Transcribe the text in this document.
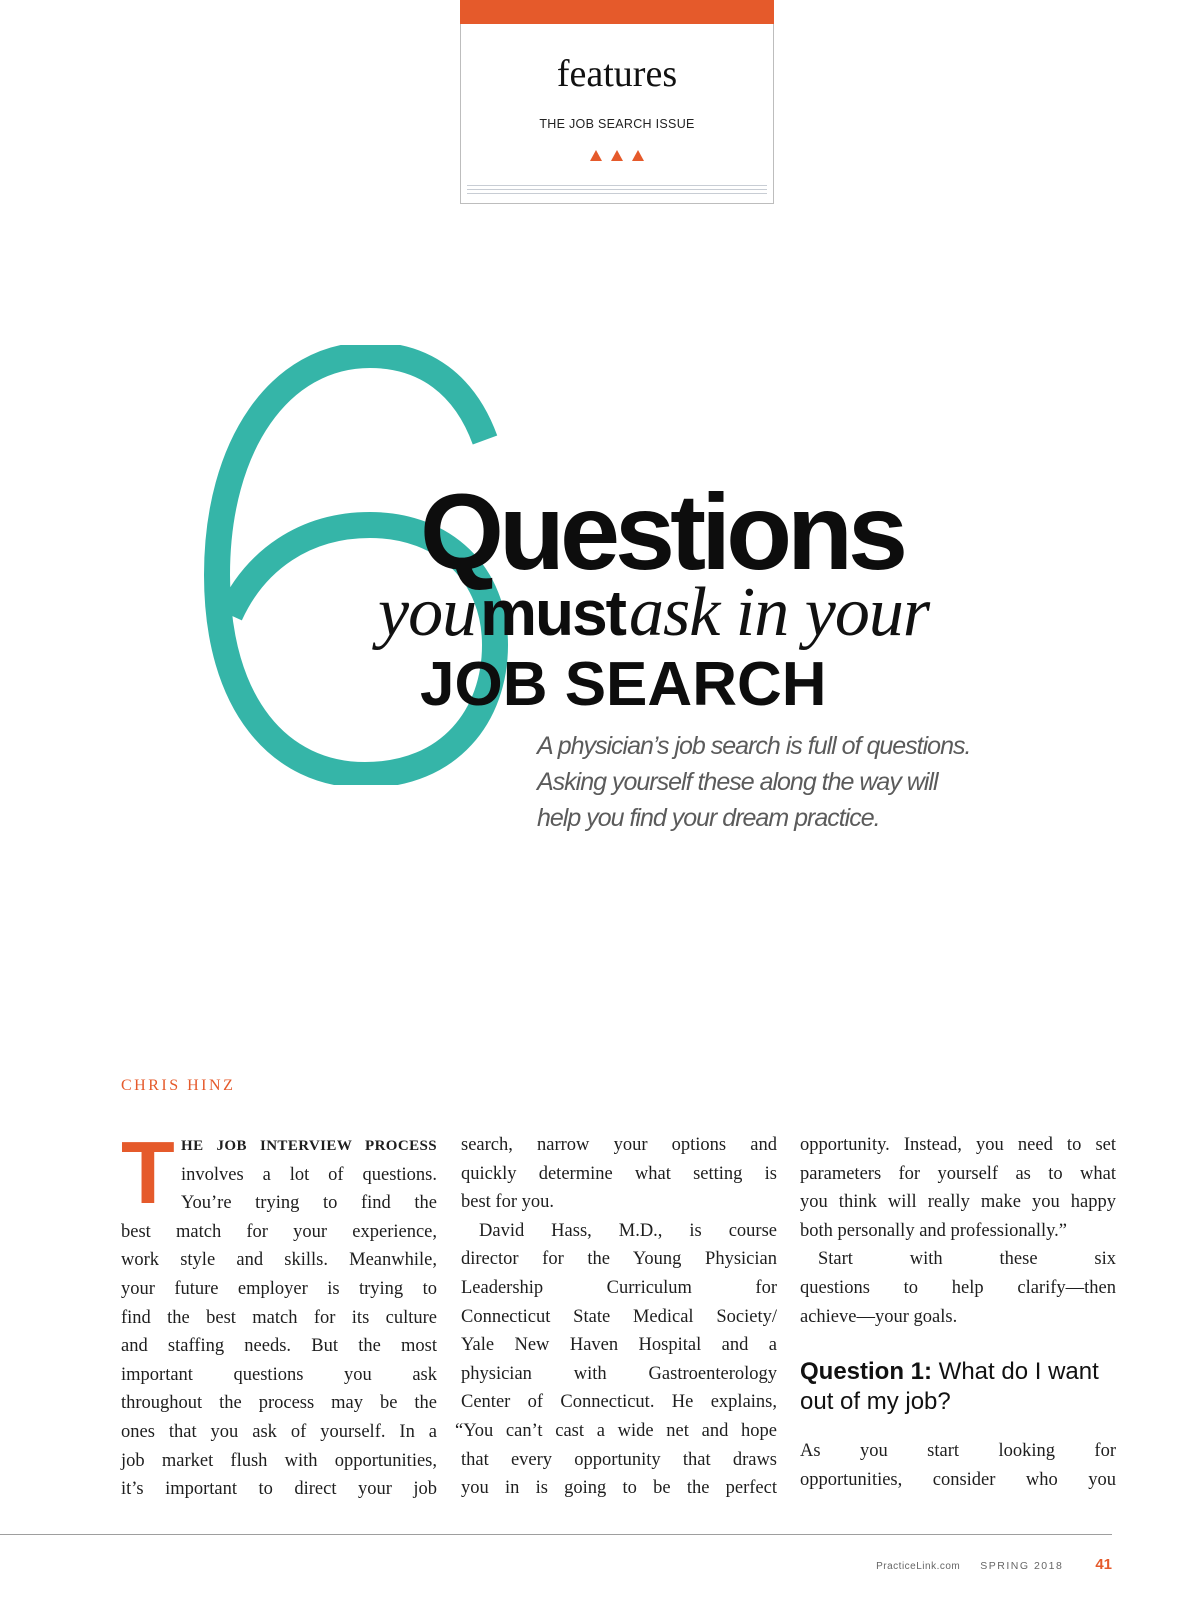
features
THE JOB SEARCH ISSUE
Questions
you must ask in your
JOB SEARCH
A physician’s job search is full of questions.
Asking yourself these along the way will
help you find your dream practice.
CHRIS HINZ
T HE JOB INTERVIEW PROCESS
involves a lot of questions.
You’re trying to find the
best match for your experience,
work style and skills. Meanwhile,
your future employer is trying to
find the best match for its culture
and staffing needs. But the most
important questions you ask
throughout the process may be the
ones that you ask of yourself. In a
job market flush with opportunities,
it’s important to direct your job
search, narrow your options and
quickly determine what setting is
best for you.
David Hass, M.D., is course
director for the Young Physician
Leadership Curriculum for
Connecticut State Medical Society/
Yale New Haven Hospital and a
physician with Gastroenterology
Center of Connecticut. He explains,
“You can’t cast a wide net and hope
that every opportunity that draws
you in is going to be the perfect
opportunity. Instead, you need to set
parameters for yourself as to what
you think will really make you happy
both personally and professionally.”
Start with these six
questions to help clarify—then
achieve—your goals.
Question 1: What do I want out of my job?
As you start looking for
opportunities, consider who you
PracticeLink.com SPRING 2018 41
